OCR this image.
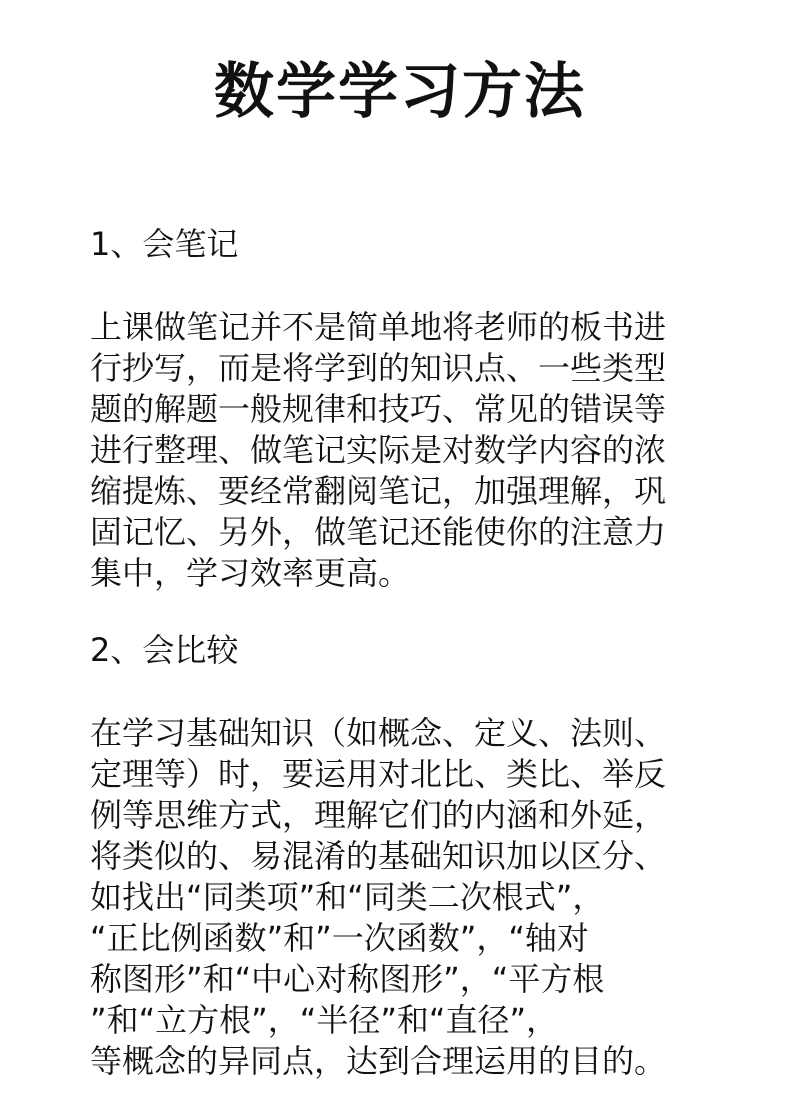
数学学习方法
1、会笔记

上课做笔记并不是简单地将老师的板书进
行抄写，而是将学到的知识点、一些类型
题的解题一般规律和技巧、常见的错误等
进行整理、做笔记实际是对数学内容的浓
缩提炼、要经常翻阅笔记，加强理解，巩
固记忆、另外，做笔记还能使你的注意力
集中，学习效率更高。

2、会比较

在学习基础知识（如概念、定义、法则、
定理等）时，要运用对北比、类比、举反
例等思维方式，理解它们的内涵和外延，
将类似的、易混淆的基础知识加以区分、
如找出“同类项”和“同类二次根式”，
“正比例函数”和”一次函数”，“轴对
称图形”和“中心对称图形”，“平方根
”和“立方根”，“半径”和“直径”，
等概念的异同点，达到合理运用的目的。
